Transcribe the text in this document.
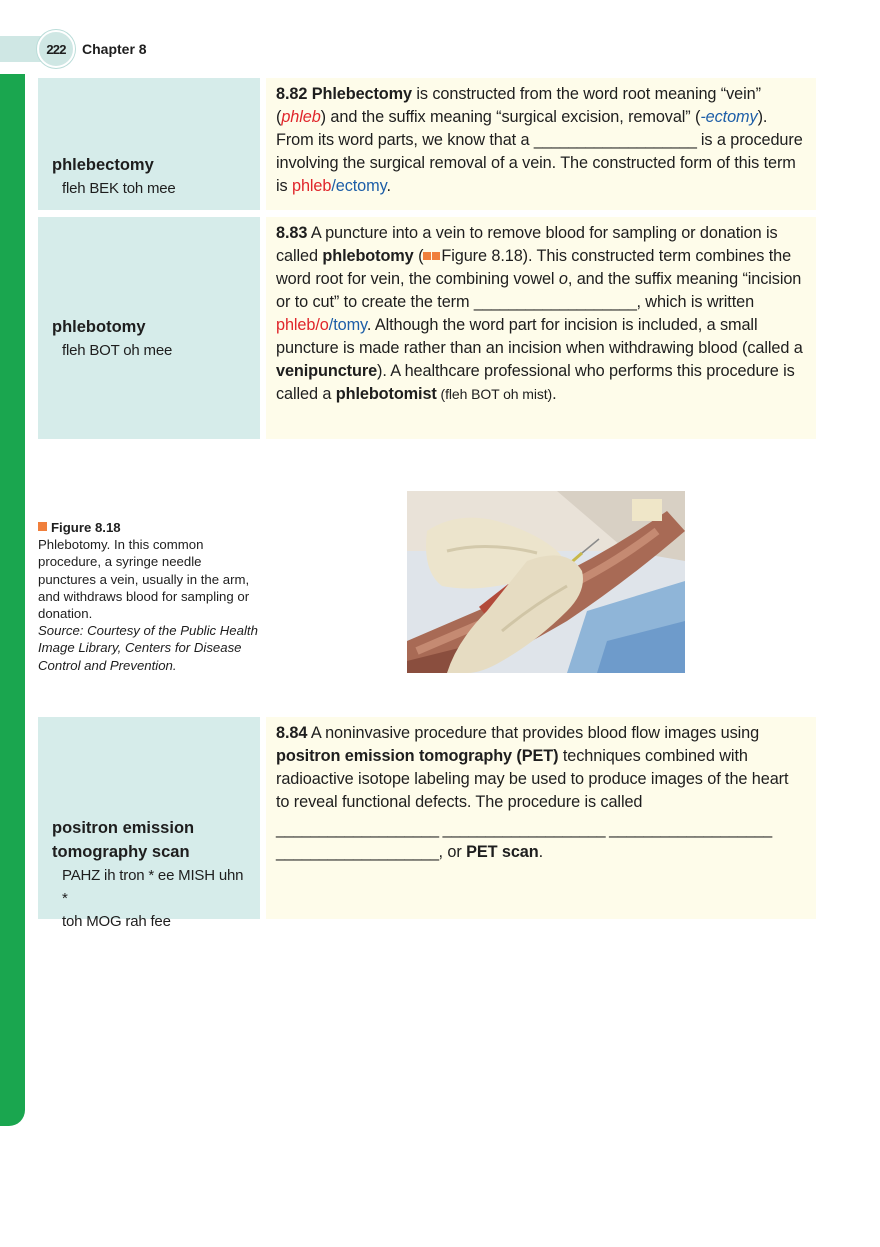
222	Chapter 8
phlebectomy
fleh BEK toh mee

8.82 Phlebectomy is constructed from the word root meaning “vein” (phleb) and the suffix meaning “surgical excision, removal” (-ectomy). From its word parts, we know that a ___________________ is a procedure involving the surgical removal of a vein. The constructed form of this term is phleb/ectomy.

phlebotomy
fleh BOT oh mee

8.83 A puncture into a vein to remove blood for sampling or donation is called phlebotomy ( Figure 8.18). This constructed term combines the word root for vein, the combining vowel o, and the suffix meaning “incision or to cut” to create the term ___________________, which is written phleb/o/tomy. Although the word part for incision is included, a small puncture is made rather than an incision when withdrawing blood (called a venipuncture). A healthcare professional who performs this procedure is called a phlebotomist (fleh BOT oh mist).

Figure 8.18
Phlebotomy. In this common procedure, a syringe needle punctures a vein, usually in the arm, and withdraws blood for sampling or donation.
Source: Courtesy of the Public Health Image Library, Centers for Disease Control and Prevention.
positron emission
tomography scan
PAHZ ih tron * ee MISH uhn *
toh MOG rah fee

8.84 A noninvasive procedure that provides blood flow images using positron emission tomography (PET) techniques combined with radioactive isotope labeling may be used to produce images of the heart to reveal functional defects. The procedure is called

___________________ ___________________ ___________________

___________________, or PET scan.
